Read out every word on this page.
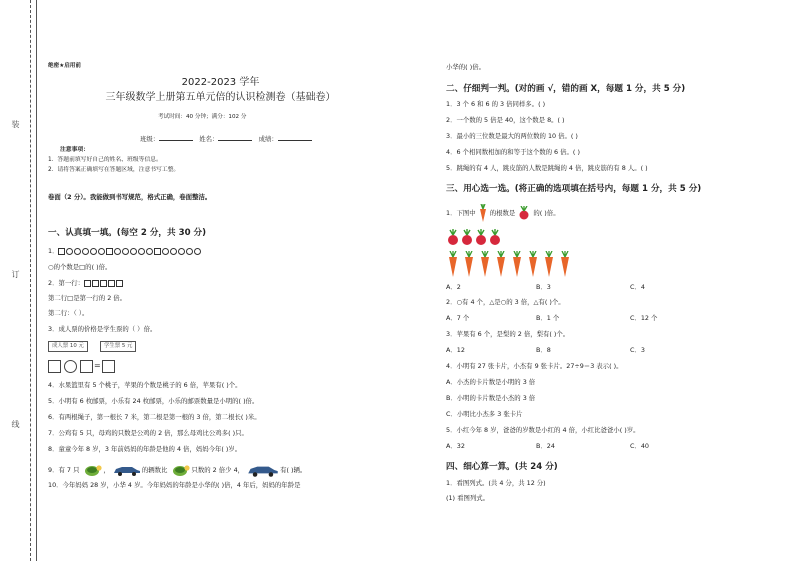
装
订
线
绝密★启用前
2022-2023 学年
三年级数学上册第五单元倍的认识检测卷（基础卷）
考试时间：40 分钟；满分：102 分
班级：	姓名：	成绩：
注意事项：
1．答题前填写好自己的姓名、班级等信息。
2．请将答案正确填写在答题区域，注意书写工整。
卷面（2 分）。我能做到书写规范，格式正确，卷面整洁。
一、认真填一填。(每空 2 分，共 30 分)
1．
○的个数是□的( )倍。
2．第一行：
第二行□是第一行的 2 倍。
第二行：（ ）。
3．成人票的价格是学生票的（ ）倍。
成人票 10 元	学生票 5 元
=
4．水果篮里有 5 个桃子，苹果的个数是桃子的 6 倍，苹果有( )个。
5．小明有 6 枚邮票，小乐有 24 枚邮票，小乐的邮票数量是小明的( )倍。
6．有两根绳子，第一根长 7 米，第二根是第一根的 3 倍，第二根长( )米。
7．公鸡有 5 只，母鸡的只数是公鸡的 2 倍，那么母鸡比公鸡多( )只。
8．童童今年 8 岁，3 年前妈妈的年龄是他的 4 倍，妈妈今年( )岁。
9．有 7 只	，	的辆数比	只数的 2 倍少 4，	有( )辆。
10．今年妈妈 28 岁，小华 4 岁。今年妈妈的年龄是小华的( )倍，4 年后，妈妈的年龄是
小华的( )倍。
二、仔细判一判。(对的画 √，错的画 X，每题 1 分，共 5 分)
1．3 个 6 和 6 的 3 倍同样多。( )
2．一个数的 5 倍是 40，这个数是 8。( )
3．最小的三位数是最大的两位数的 10 倍。( )
4．6 个相同数相加的和等于这个数的 6 倍。( )
5．跳绳的有 4 人，跳皮筋的人数是跳绳的 4 倍，跳皮筋的有 8 人。( )
三、用心选一选。(将正确的选项填在括号内，每题 1 分，共 5 分)
1．下图中 的根数是	的( )倍。
A．2	B．3	C．4
2．○有 4 个，△是○的 3 倍，△有( )个。
A．7 个	B．1 个	C．12 个
3．苹果有 6 个，是梨的 2 倍，梨有( )个。
A．12	B．8	C．3
4．小明有 27 张卡片，小杰有 9 张卡片。27÷9＝3 表示( )。
A．小杰的卡片数是小明的 3 倍
B．小明的卡片数是小杰的 3 倍
C．小明比小杰多 3 张卡片
5．小红今年 8 岁，爸爸的岁数是小红的 4 倍，小红比爸爸小( )岁。
A．32	B．24	C．40
四、细心算一算。(共 24 分)
1．看图列式。(共 4 分，共 12 分)
(1) 看图列式。
